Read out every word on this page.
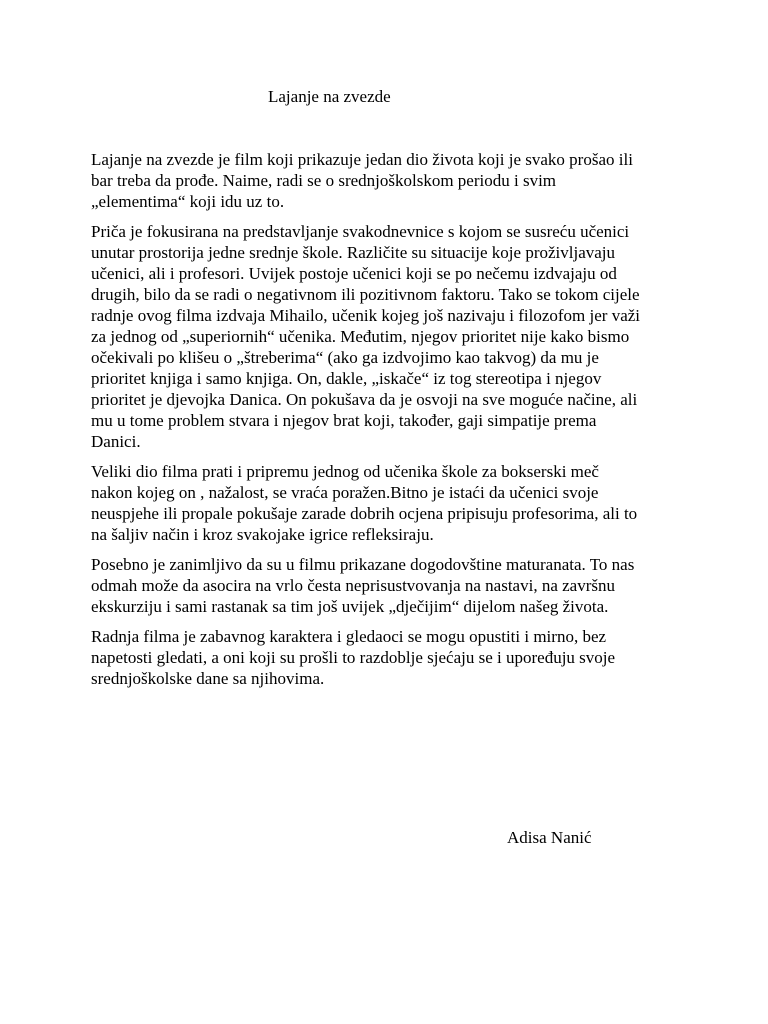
Lajanje na zvezde

Lajanje na zvezde je film koji prikazuje jedan dio života koji je svako prošao ili
bar treba da prođe. Naime, radi se o srednjoškolskom periodu i svim
„elementima“ koji idu uz to.

Priča je fokusirana na predstavljanje svakodnevnice s kojom se susreću učenici
unutar prostorija jedne srednje škole. Različite su situacije koje proživljavaju
učenici, ali i profesori. Uvijek postoje učenici koji se po nečemu izdvajaju od
drugih, bilo da se radi o negativnom ili pozitivnom faktoru. Tako se tokom cijele
radnje ovog filma izdvaja Mihailo, učenik kojeg još nazivaju i filozofom jer važi
za jednog od „superiornih“ učenika. Međutim, njegov prioritet nije kako bismo
očekivali po klišeu o „štreberima“ (ako ga izdvojimo kao takvog) da mu je
prioritet knjiga i samo knjiga. On, dakle, „iskače“ iz tog stereotipa i njegov
prioritet je djevojka Danica. On pokušava da je osvoji na sve moguće načine, ali
mu u tome problem stvara i njegov brat koji, također, gaji simpatije prema
Danici.

Veliki dio filma prati i pripremu jednog od učenika škole za bokserski meč
nakon kojeg on , nažalost, se vraća poražen.Bitno je istaći da učenici svoje
neuspjehe ili propale pokušaje zarade dobrih ocjena pripisuju profesorima, ali to
na šaljiv način i kroz svakojake igrice refleksiraju.

Posebno je zanimljivo da su u filmu prikazane dogodovštine maturanata. To nas
odmah može da asocira na vrlo česta neprisustvovanja na nastavi, na završnu
ekskurziju i sami rastanak sa tim još uvijek „dječijim“ dijelom našeg života.

Radnja filma je zabavnog karaktera i gledaoci se mogu opustiti i mirno, bez
napetosti gledati, a oni koji su prošli to razdoblje sjećaju se i upoređuju svoje
srednjoškolske dane sa njihovima.

Adisa Nanić
